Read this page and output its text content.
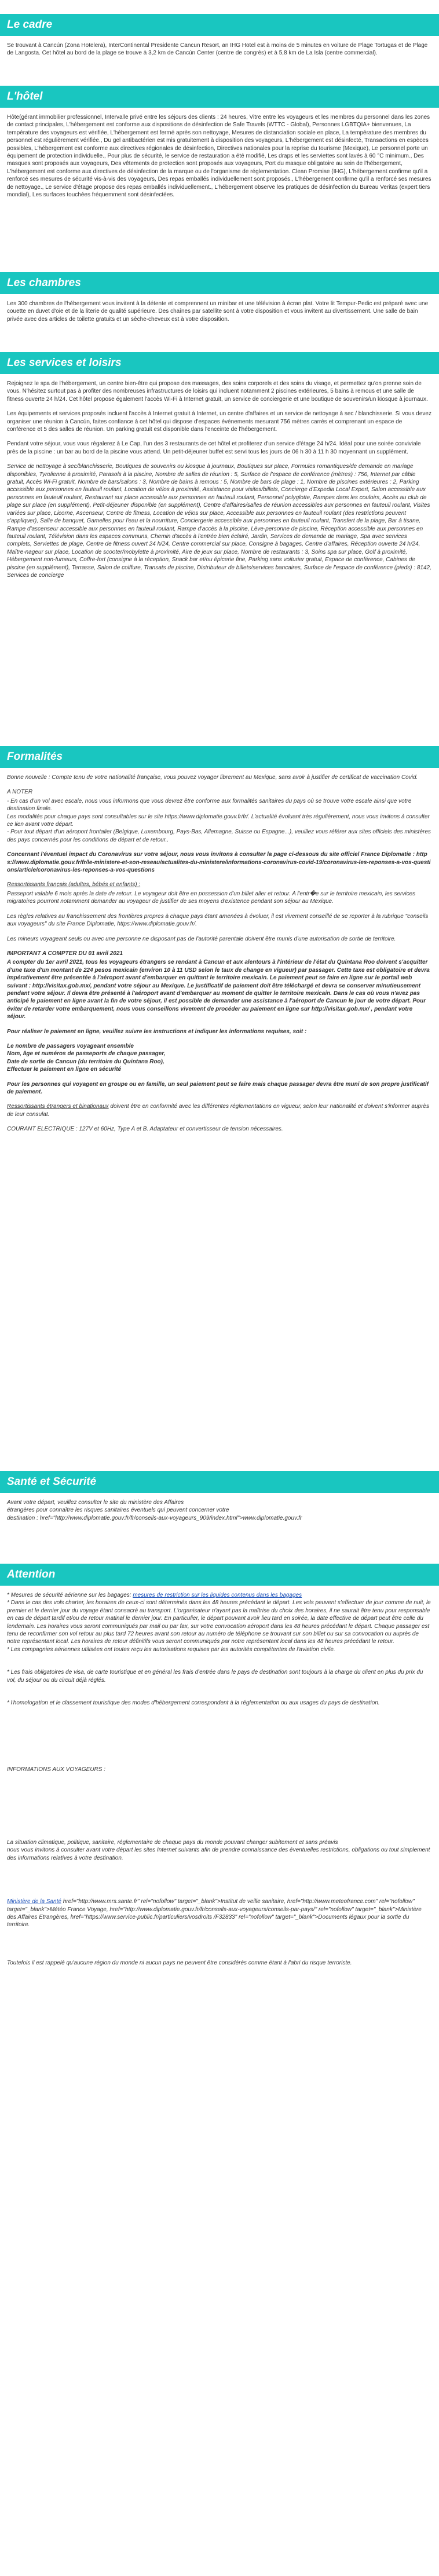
Le cadre

Se trouvant à Cancún (Zona Hotelera), InterContinental Presidente Cancun Resort, an IHG Hotel est à moins de 5 minutes en voiture de Plage Tortugas et de Plage de Langosta. Cet hôtel au bord de la plage se trouve à 3,2 km de Cancún Center (centre de congrès) et à 5,8 km de La Isla (centre commercial).

L'hôtel

Hôte(gérant immobilier professionnel, Intervalle privé entre les séjours des clients : 24 heures, Vitre entre les voyageurs et les membres du personnel dans les zones de contact principales, L'hébergement est conforme aux dispositions de désinfection de Safe Travels (WTTC - Global), Personnes LGBTQIA+ bienvenues, La température des voyageurs est vérifiée, L'hébergement est fermé après son nettoyage, Mesures de distanciation sociale en place, La température des membres du personnel est régulièrement vérifiée., Du gel antibactérien est mis gratuitement à disposition des voyageurs, L'hébergement est désinfecté, Transactions en espèces possibles, L'hébergement est conforme aux directives régionales de désinfection, Directives nationales pour la reprise du tourisme (Mexique), Le personnel porte un équipement de protection individuelle., Pour plus de sécurité, le service de restauration a été modifié, Les draps et les serviettes sont lavés à 60 °C minimum., Des masques sont proposés aux voyageurs, Des vêtements de protection sont proposés aux voyageurs, Port du masque obligatoire au sein de l'hébergement, L'hébergement est conforme aux directives de désinfection de la marque ou de l'organisme de réglementation. Clean Promise (IHG), L'hébergement confirme qu'il a renforcé ses mesures de sécurité vis-à-vis des voyageurs, Des repas emballés individuellement sont proposés., L'hébergement confirme qu'il a renforcé ses mesures de nettoyage., Le service d'étage propose des repas emballés individuellement., L'hébergement observe les pratiques de désinfection du Bureau Veritas (expert tiers mondial), Les surfaces touchées fréquemment sont désinfectées.

Les chambres

Les 300 chambres de l'hébergement vous invitent à la détente et comprennent un minibar et une télévision à écran plat. Votre lit Tempur-Pedic est préparé avec une couette en duvet d'oie et de la literie de qualité supérieure. Des chaînes par satellite sont à votre disposition et vous invitent au divertissement. Une salle de bain privée avec des articles de toilette gratuits et un sèche-cheveux est à votre disposition.

Les services et loisirs

Rejoignez le spa de l'hébergement, un centre bien-être qui propose des massages, des soins corporels et des soins du visage, et permettez qu'on prenne soin de vous. N'hésitez surtout pas à profiter des nombreuses infrastructures de loisirs qui incluent notamment 2 piscines extérieures, 5 bains à remous et une salle de fitness ouverte 24 h/24. Cet hôtel propose également l'accès Wi-Fi à Internet gratuit, un service de conciergerie et une boutique de souvenirs/un kiosque à journaux.

Les équipements et services proposés incluent l'accès à Internet gratuit à Internet, un centre d'affaires et un service de nettoyage à sec / blanchisserie. Si vous devez organiser une réunion à Cancún, faites confiance à cet hôtel qui dispose d'espaces événements mesurant 756 mètres carrés et comprenant un espace de conférence et 5 des salles de réunion. Un parking gratuit est disponible dans l'enceinte de l'hébergement.

Pendant votre séjour, vous vous régalerez à Le Cap, l'un des 3 restaurants de cet hôtel et profiterez d'un service d'étage 24 h/24. Idéal pour une soirée conviviale près de la piscine : un bar au bord de la piscine vous attend. Un petit-déjeuner buffet est servi tous les jours de 06 h 30 à 11 h 30 moyennant un supplément.

Service de nettoyage à sec/blanchisserie, Boutiques de souvenirs ou kiosque à journaux, Boutiques sur place, Formules romantiques/de demande en mariage disponibles, Tyrolienne à proximité, Parasols à la piscine, Nombre de salles de réunion : 5, Surface de l'espace de conférence (mètres) : 756, Internet par câble gratuit, Accès Wi-Fi gratuit, Nombre de bars/salons : 3, Nombre de bains à remous : 5, Nombre de bars de plage : 1, Nombre de piscines extérieures : 2, Parking accessible aux personnes en fauteuil roulant, Location de vélos à proximité, Assistance pour visites/billets, Concierge d'Expedia Local Expert, Salon accessible aux personnes en fauteuil roulant, Restaurant sur place accessible aux personnes en fauteuil roulant, Personnel polyglotte, Rampes dans les couloirs, Accès au club de plage sur place (en supplément), Petit-déjeuner disponible (en supplément), Centre d'affaires/salles de réunion accessibles aux personnes en fauteuil roulant, Visites variées sur place, Licorne, Ascenseur, Centre de fitness, Location de vélos sur place, Accessible aux personnes en fauteuil roulant (des restrictions peuvent s'appliquer), Salle de banquet, Gamelles pour l'eau et la nourriture, Conciergerie accessible aux personnes en fauteuil roulant, Transfert de la plage, Bar à tisane, Rampe d'ascenseur accessible aux personnes en fauteuil roulant, Rampe d'accès à la piscine, Lève-personne de piscine, Réception accessible aux personnes en fauteuil roulant, Télévision dans les espaces communs, Chemin d'accès à l'entrée bien éclairé, Jardin, Services de demande de mariage, Spa avec services complets, Serviettes de plage, Centre de fitness ouvert 24 h/24, Centre commercial sur place, Consigne à bagages, Centre d'affaires, Réception ouverte 24 h/24, Maître-nageur sur place, Location de scooter/mobylette à proximité, Aire de jeux sur place, Nombre de restaurants : 3, Soins spa sur place, Golf à proximité, Hébergement non-fumeurs, Coffre-fort (consigne à la réception, Snack bar et/ou épicerie fine, Parking sans voiturier gratuit, Espace de conférence, Cabines de piscine (en supplément), Terrasse, Salon de coiffure, Transats de piscine, Distributeur de billets/services bancaires, Surface de l'espace de conférence (pieds) : 8142, Services de concierge

Formalités

Bonne nouvelle : Compte tenu de votre nationalité française, vous pouvez voyager librement au Mexique, sans avoir à justifier de certificat de vaccination Covid.

A NOTER

- En cas d'un vol avec escale, nous vous informons que vous devrez être conforme aux formalités sanitaires du pays où se trouve votre escale ainsi que votre destination finale.
Les modalités pour chaque pays sont consultables sur le site https://www.diplomatie.gouv.fr/fr/. L'actualité évoluant très régulièrement, nous vous invitons à consulter ce lien avant votre départ.
- Pour tout départ d'un aéroport frontalier (Belgique, Luxembourg, Pays-Bas, Allemagne, Suisse ou Espagne...), veuillez vous référer aux sites officiels des ministères des pays concernés pour les conditions de départ et de retour..

Concernant l'éventuel impact du Coronavirus sur votre séjour, nous vous invitons à consulter la page ci-dessous du site officiel France Diplomatie : https://www.diplomatie.gouv.fr/fr/le-ministere-et-son-reseau/actualites-du-ministere/informations-coronavirus-covid-19/coronavirus-les-reponses-a-vos-questions/article/coronavirus-les-reponses-a-vos-questions

Ressortissants français (adultes, bébés et enfants) :

Passeport valable 6 mois après la date de retour. Le voyageur doit être en possession d'un billet aller et retour. A l'entr�e sur le territoire mexicain, les services migratoires pourront notamment demander au voyageur de justifier de ses moyens d'existence pendant son séjour au Mexique.

Les règles relatives au franchissement des frontières propres à chaque pays étant amenées à évoluer, il est vivement conseillé de se reporter à la rubrique "conseils aux voyageurs" du site France Diplomatie, https://www.diplomatie.gouv.fr/.

Les mineurs voyageant seuls ou avec une personne ne disposant pas de l'autorité parentale doivent être munis d'une autorisation de sortie de territoire.

IMPORTANT A COMPTER DU 01 avril 2021

A compter du 1er avril 2021, tous les voyageurs étrangers se rendant à Cancun et aux alentours à l'intérieur de l'état du Quintana Roo doivent s'acquitter d'une taxe d'un montant de 224 pesos mexicain (environ 10 à 11 USD selon le taux de change en vigueur) par passager. Cette taxe est obligatoire et devra impérativement être présentée à l'aéroport avant d'embarquer en quittant le territoire mexicain. Le paiement peut se faire en ligne sur le portail web suivant : http://visitax.gob.mx/, pendant votre séjour au Mexique. Le justificatif de paiement doit être téléchargé et devra se conserver minutieusement pendant votre séjour. Il devra être présenté à l'aéroport avant d'embarquer au moment de quitter le territoire mexicain. Dans le cas où vous n'avez pas anticipé le paiement en ligne avant la fin de votre séjour, il est possible de demander une assistance à l'aéroport de Cancun le jour de votre départ. Pour éviter de retarder votre embarquement, nous vous conseillons vivement de procéder au paiement en ligne sur http://visitax.gob.mx/ , pendant votre séjour.

Pour réaliser le paiement en ligne, veuillez suivre les instructions et indiquer les informations requises, soit :

Le nombre de passagers voyageant ensemble
Nom, âge et numéros de passeports de chaque passager,
Date de sortie de Cancun (du territoire du Quintana Roo),
Effectuer le paiement en ligne en sécurité

Pour les personnes qui voyagent en groupe ou en famille, un seul paiement peut se faire mais chaque passager devra être muni de son propre justificatif de paiement.

Ressortissants étrangers et binationaux doivent être en conformité avec les différentes réglementations en vigueur, selon leur nationalité et doivent s'informer auprès de leur consulat.

COURANT ELECTRIQUE : 127V et 60Hz, Type A et B. Adaptateur et convertisseur de tension nécessaires.

Santé et Sécurité

Avant votre départ, veuillez consulter le site du ministère des Affaires
étrangères pour connaître les risques sanitaires éventuels qui peuvent concerner votre
destination : href="http://www.diplomatie.gouv.fr/fr/conseils-aux-voyageurs_909/index.html">www.diplomatie.gouv.fr

Attention

* Mesures de sécurité aérienne sur les bagages: mesures de restriction sur les liquides contenus dans les bagages

* Dans le cas des vols charter, les horaires de ceux-ci sont déterminés dans les 48 heures précédant le départ. Les vols peuvent s'effectuer de jour comme de nuit, le premier et le dernier jour du voyage étant consacré au transport. L'organisateur n'ayant pas la maîtrise du choix des horaires, il ne saurait être tenu pour responsable en cas de départ tardif et/ou de retour matinal le dernier jour. En particulier, le départ pouvant avoir lieu tard en soirée, la date effective de départ peut être celle du lendemain. Les horaires vous seront communiqués par mail ou par fax, sur votre convocation aéroport dans les 48 heures précédant le départ. Chaque passager est tenu de reconfirmer son vol retour au plus tard 72 heures avant son retour au numéro de téléphone se trouvant sur son billet ou sur sa convocation ou auprès de notre représentant local. Les horaires de retour définitifs vous seront communiqués par notre représentant local dans les 48 heures précédant le retour.
* Les compagnies aériennes utilisées ont toutes reçu les autorisations requises par les autorités compétentes de l'aviation civile.

* Les frais obligatoires de visa, de carte touristique et en général les frais d'entrée dans le pays de destination sont toujours à la charge du client en plus du prix du vol, du séjour ou du circuit déjà réglés.

* l'homologation et le classement touristique des modes d'hébergement correspondent à la réglementation ou aux usages du pays de destination.

INFORMATIONS AUX VOYAGEURS :

La situation climatique, politique, sanitaire, réglementaire de chaque pays du monde pouvant changer subitement et sans préavis
nous vous invitons à consulter avant votre départ les sites Internet suivants afin de prendre connaissance des éventuelles restrictions, obligations ou tout simplement des informations relatives à votre destination.

Ministère de la Santé href="http://www.mrs.sante.fr" rel="nofollow" target="_blank">Institut de veille sanitaire, href="http://www.meteofrance.com" rel="nofollow" target="_blank">Météo France Voyage, href="http://www.diplomatie.gouv.fr/fr/conseils-aux-voyageurs/conseils-par-pays/" rel="nofollow" target="_blank">Ministère des Affaires Etrangères, href="https://www.service-public.fr/particuliers/vosdroits /F32833" rel="nofollow" target="_blank">Documents légaux pour la sortie du territoire.

Toutefois il est rappelé qu'aucune région du monde ni aucun pays ne peuvent être considérés comme étant à l'abri du risque terroriste.
